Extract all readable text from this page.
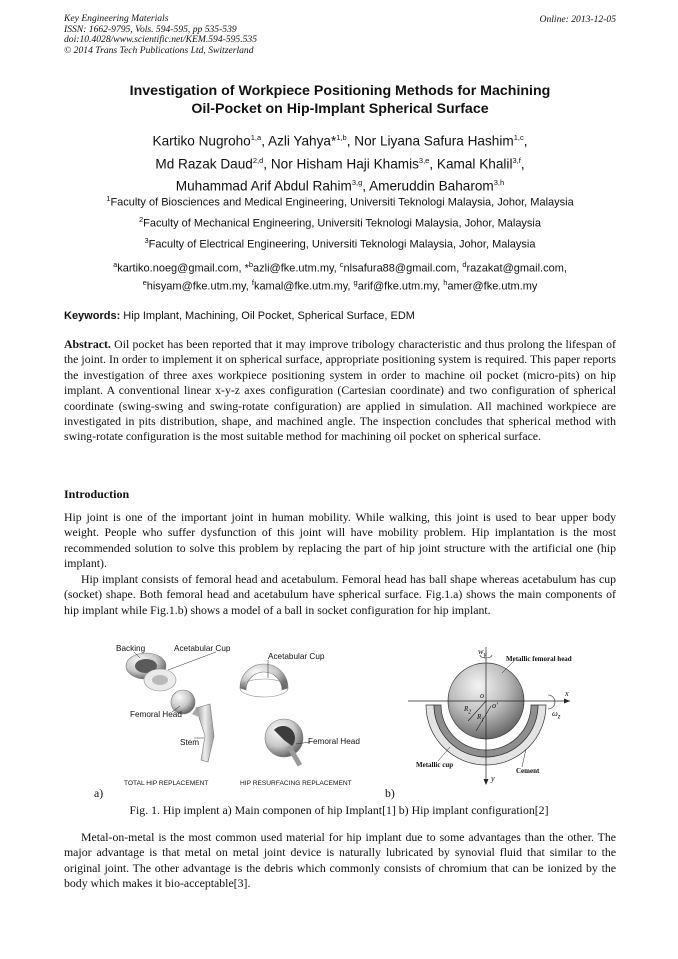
Key Engineering Materials
ISSN: 1662-9795, Vols. 594-595, pp 535-539
doi:10.4028/www.scientific.net/KEM.594-595.535
© 2014 Trans Tech Publications Ltd, Switzerland
Online: 2013-12-05
Investigation of Workpiece Positioning Methods for Machining
Oil-Pocket on Hip-Implant Spherical Surface
Kartiko Nugroho$^{1,a}$, Azli Yahya*$^{1,b}$, Nor Liyana Safura Hashim$^{1,c}$,
Md Razak Daud$^{2,d}$, Nor Hisham Haji Khamis$^{3,e}$, Kamal Khalil$^{3,f}$,
Muhammad Arif Abdul Rahim$^{3,g}$, Ameruddin Baharom$^{3,h}$
$^1$Faculty of Biosciences and Medical Engineering, Universiti Teknologi Malaysia, Johor, Malaysia
$^2$Faculty of Mechanical Engineering, Universiti Teknologi Malaysia, Johor, Malaysia
$^3$Faculty of Electrical Engineering, Universiti Teknologi Malaysia, Johor, Malaysia
$^a$kartiko.noeg@gmail.com, *$^b$azli@fke.utm.my, $^c$nlsafura88@gmail.com, $^d$razakat@gmail.com,
$^e$hisyam@fke.utm.my, $^f$kamal@fke.utm.my, $^g$arif@fke.utm.my, $^h$amer@fke.utm.my
Keywords: Hip Implant, Machining, Oil Pocket, Spherical Surface, EDM
Abstract. Oil pocket has been reported that it may improve tribology characteristic and thus prolong the lifespan of the joint. In order to implement it on spherical surface, appropriate positioning system is required. This paper reports the investigation of three axes workpiece positioning system in order to machine oil pocket (micro-pits) on hip implant. A conventional linear x-y-z axes configuration (Cartesian coordinate) and two configuration of spherical coordinate (swing-swing and swing-rotate configuration) are applied in simulation. All machined workpiece are investigated in pits distribution, shape, and machined angle. The inspection concludes that spherical method with swing-rotate configuration is the most suitable method for machining oil pocket on spherical surface.
Introduction
Hip joint is one of the important joint in human mobility. While walking, this joint is used to bear upper body weight. People who suffer dysfunction of this joint will have mobility problem. Hip implantation is the most recommended solution to solve this problem by replacing the part of hip joint structure with the artificial one (hip implant).
Hip implant consists of femoral head and acetabulum. Femoral head has ball shape whereas acetabulum has cup (socket) shape. Both femoral head and acetabulum have spherical surface. Fig.1.a) shows the main components of hip implant while Fig.1.b) shows a model of a ball in socket configuration for hip implant.
Backing	Acetabular Cup
Acetabular Cup
Femoral Head
Stem	Femoral Head
TOTAL HIP REPLACEMENT	HIP RESURFACING REPLACEMENT
a)
$w_y$	Metallic femoral head
x
o
o'
$R_2$
$R_1$
$\omega_z$
Metallic cup
Cement
y
b)
Fig. 1. Hip implent a) Main componen of hip Implant[1] b) Hip implant configuration[2]
Metal-on-metal is the most common used material for hip implant due to some advantages than the other. The major advantage is that metal on metal joint device is naturally lubricated by synovial fluid that similar to the original joint. The other advantage is the debris which commonly consists of chromium that can be ionized by the body which makes it bio-acceptable[3].
